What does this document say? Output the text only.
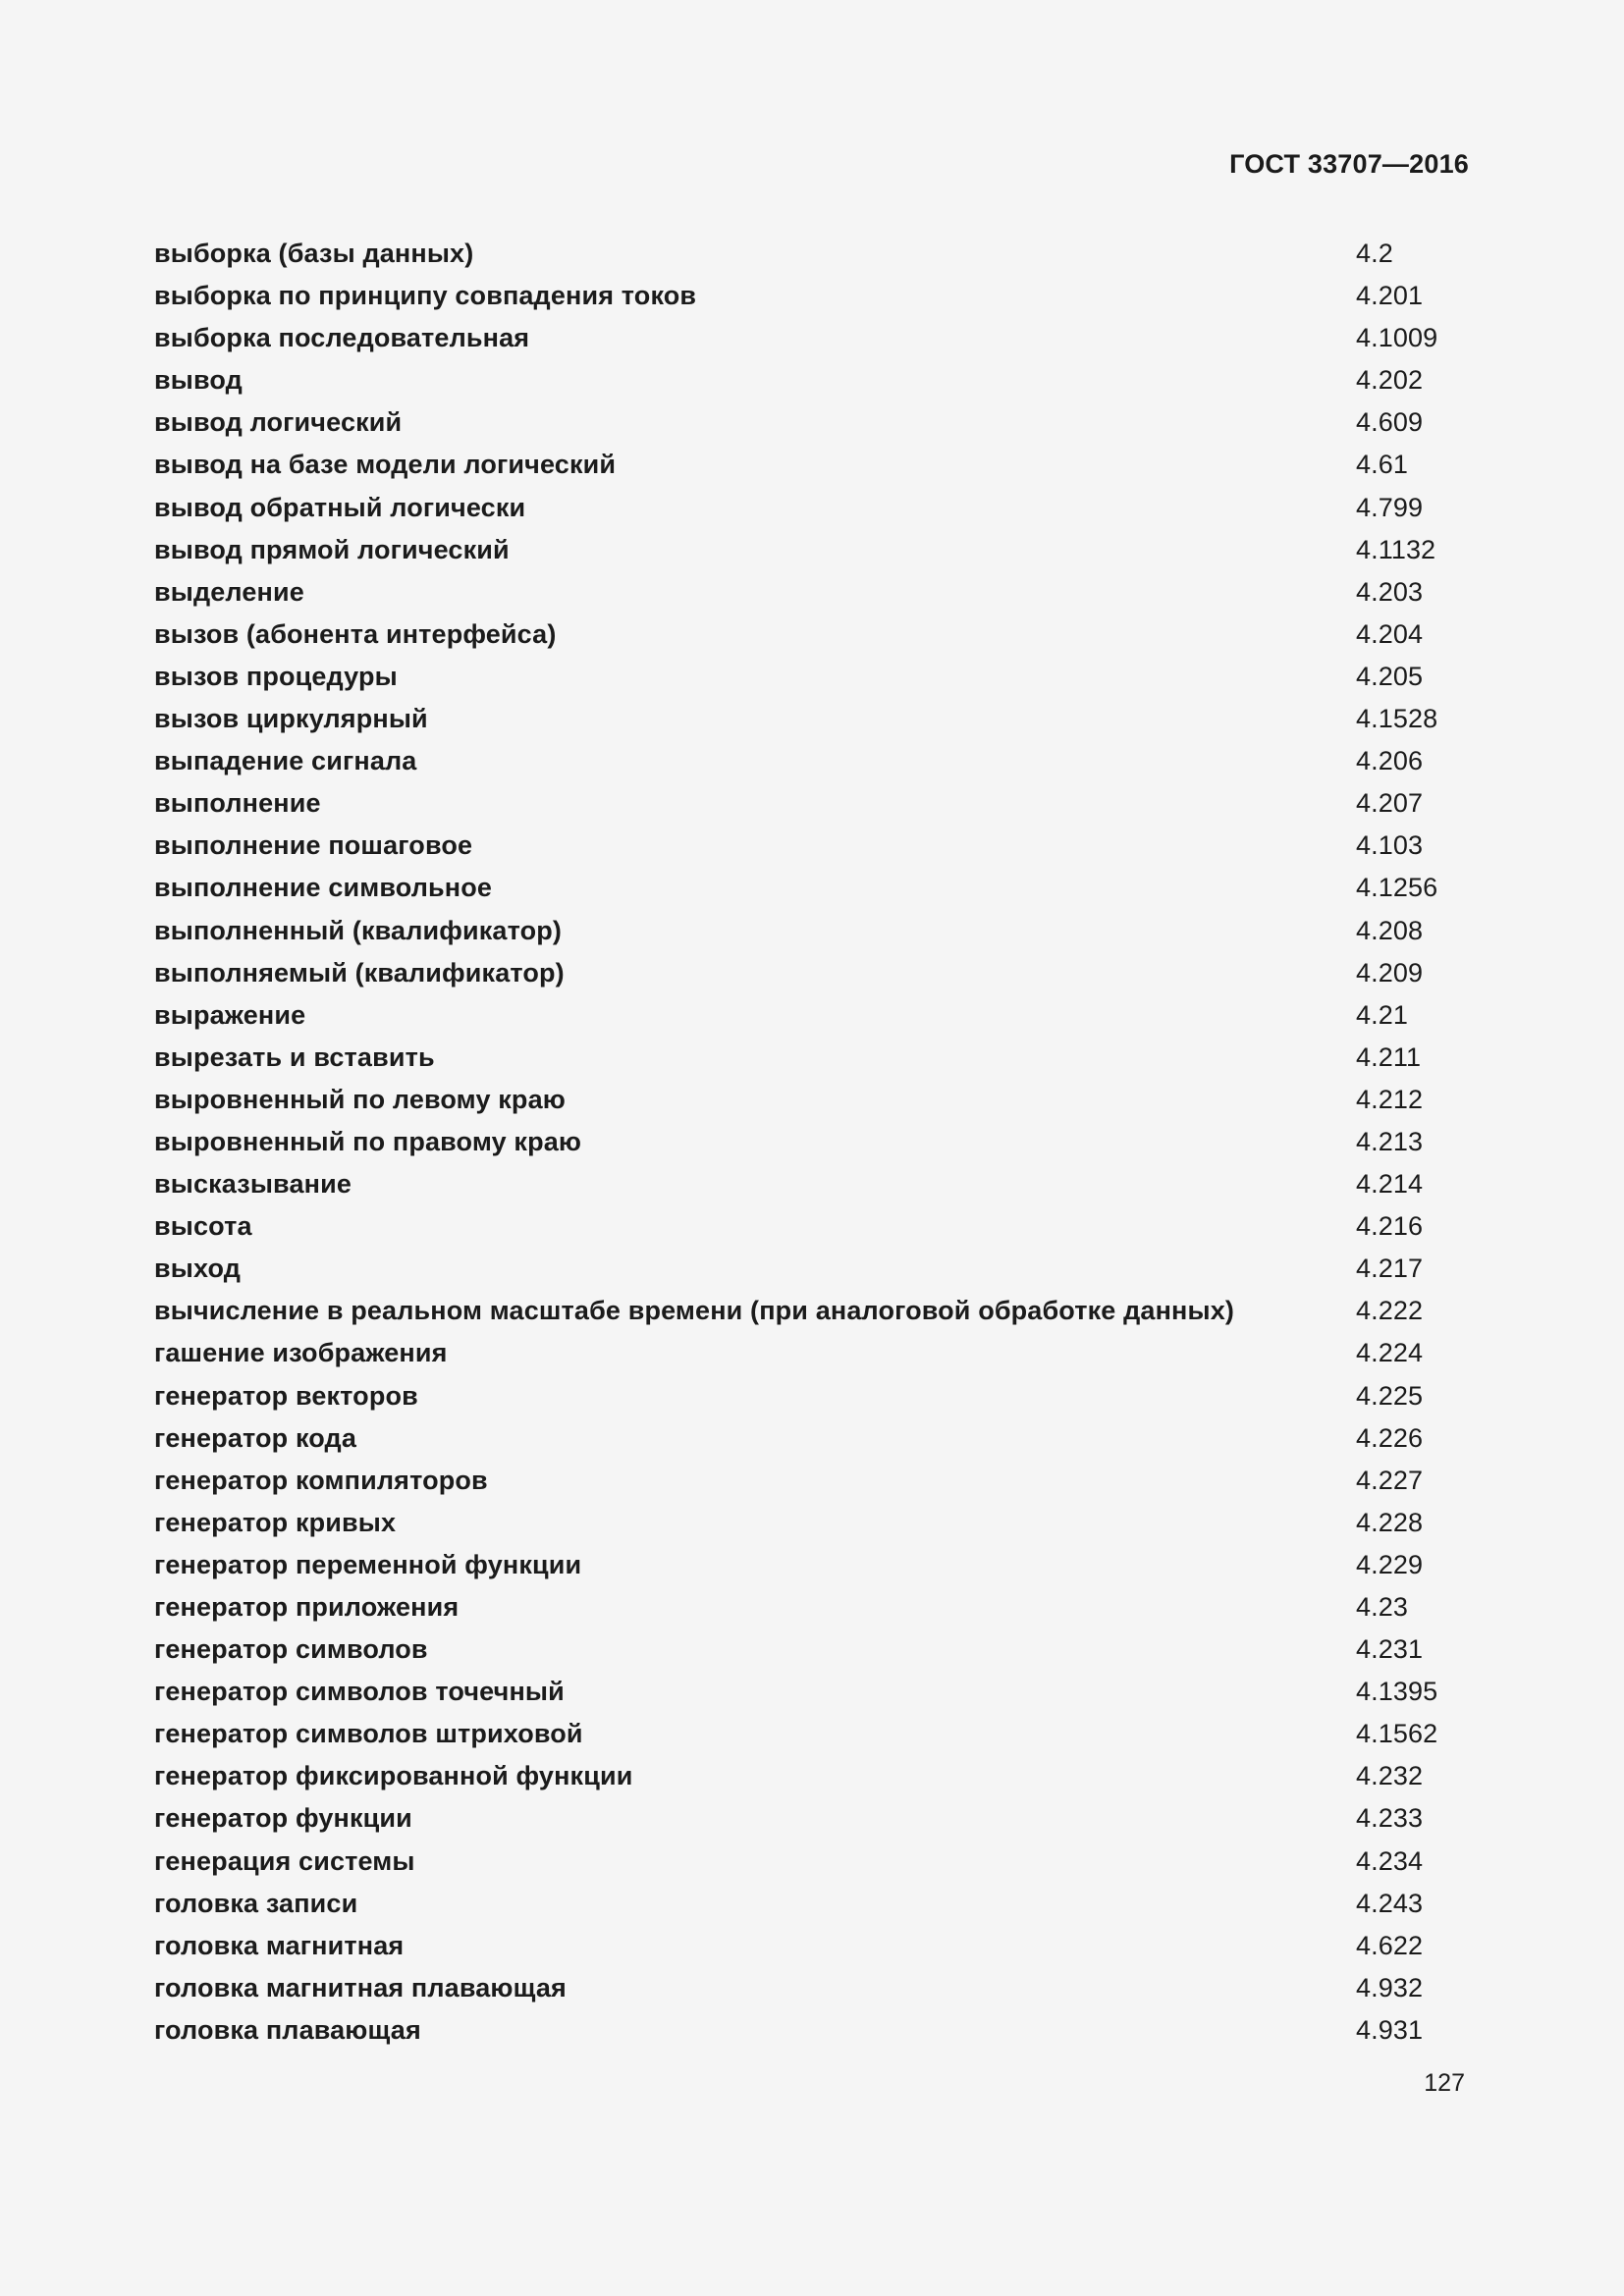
ГОСТ 33707—2016
выборка (базы данных)	4.2
выборка по принципу совпадения токов	4.201
выборка последовательная	4.1009
вывод	4.202
вывод логический	4.609
вывод на базе модели логический	4.61
вывод обратный логически	4.799
вывод прямой логический	4.1132
выделение	4.203
вызов (абонента интерфейса)	4.204
вызов процедуры	4.205
вызов циркулярный	4.1528
выпадение сигнала	4.206
выполнение	4.207
выполнение пошаговое	4.103
выполнение символьное	4.1256
выполненный (квалификатор)	4.208
выполняемый (квалификатор)	4.209
выражение	4.21
вырезать и вставить	4.211
выровненный по левому краю	4.212
выровненный по правому краю	4.213
высказывание	4.214
высота	4.216
выход	4.217
вычисление в реальном масштабе времени (при аналоговой обработке данных)	4.222
гашение изображения	4.224
генератор векторов	4.225
генератор кода	4.226
генератор компиляторов	4.227
генератор кривых	4.228
генератор переменной функции	4.229
генератор приложения	4.23
генератор символов	4.231
генератор символов точечный	4.1395
генератор символов штриховой	4.1562
генератор фиксированной функции	4.232
генератор функции	4.233
генерация системы	4.234
головка записи	4.243
головка магнитная	4.622
головка магнитная плавающая	4.932
головка плавающая	4.931
127
